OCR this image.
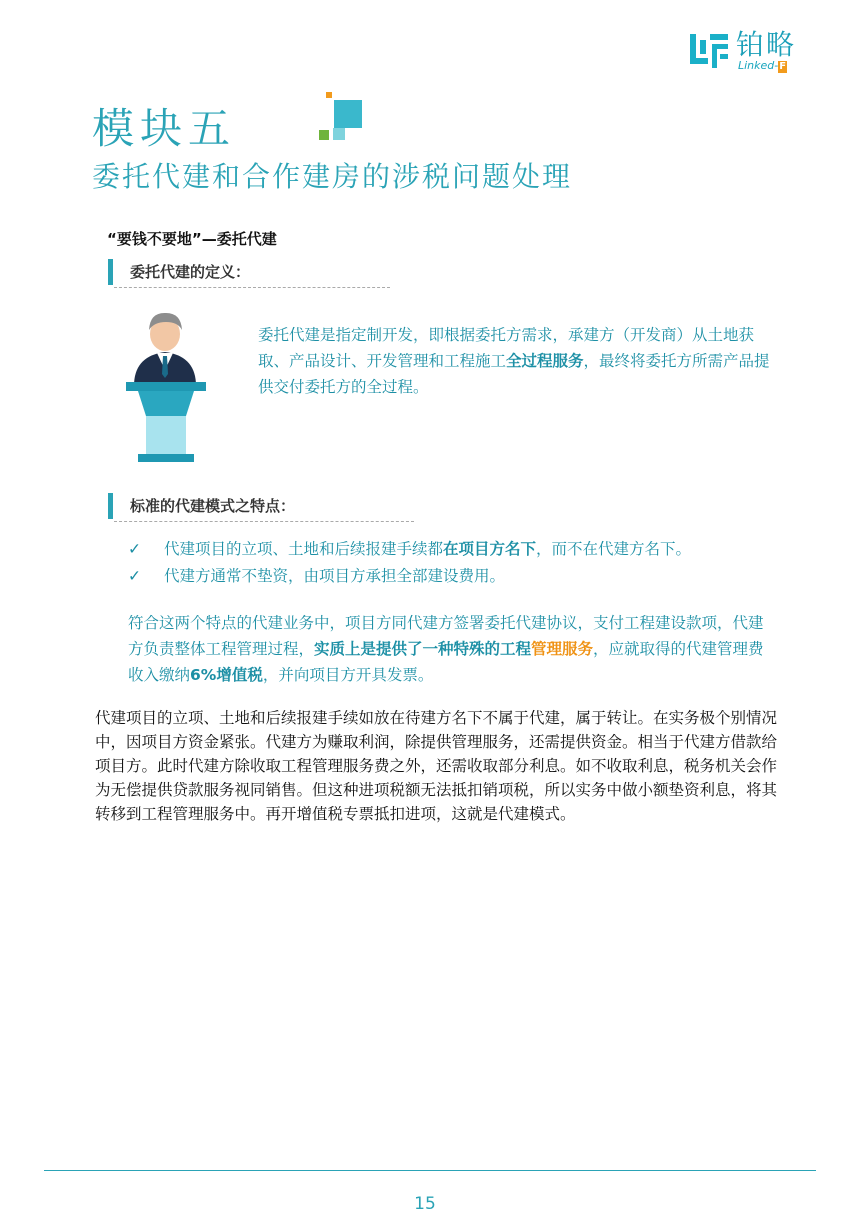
铂略
Linked-F
模块五
委托代建和合作建房的涉税问题处理
“要钱不要地”—委托代建
委托代建的定义：
委托代建是指定制开发，即根据委托方需求，承建方（开发商）从土地获取、产品设计、开发管理和工程施工全过程服务，最终将委托方所需产品提供交付委托方的全过程。
标准的代建模式之特点：
✓ 代建项目的立项、土地和后续报建手续都在项目方名下，而不在代建方名下。
✓ 代建方通常不垫资，由项目方承担全部建设费用。
符合这两个特点的代建业务中，项目方同代建方签署委托代建协议，支付工程建设款项，代建方负责整体工程管理过程，实质上是提供了一种特殊的工程管理服务，应就取得的代建管理费收入缴纳6%增值税，并向项目方开具发票。
代建项目的立项、土地和后续报建手续如放在待建方名下不属于代建，属于转让。在实务极个别情况中，因项目方资金紧张。代建方为赚取利润，除提供管理服务，还需提供资金。相当于代建方借款给项目方。此时代建方除收取工程管理服务费之外，还需收取部分利息。如不收取利息，税务机关会作为无偿提供贷款服务视同销售。但这种进项税额无法抵扣销项税，所以实务中做小额垫资利息，将其转移到工程管理服务中。再开增值税专票抵扣进项，这就是代建模式。
15
